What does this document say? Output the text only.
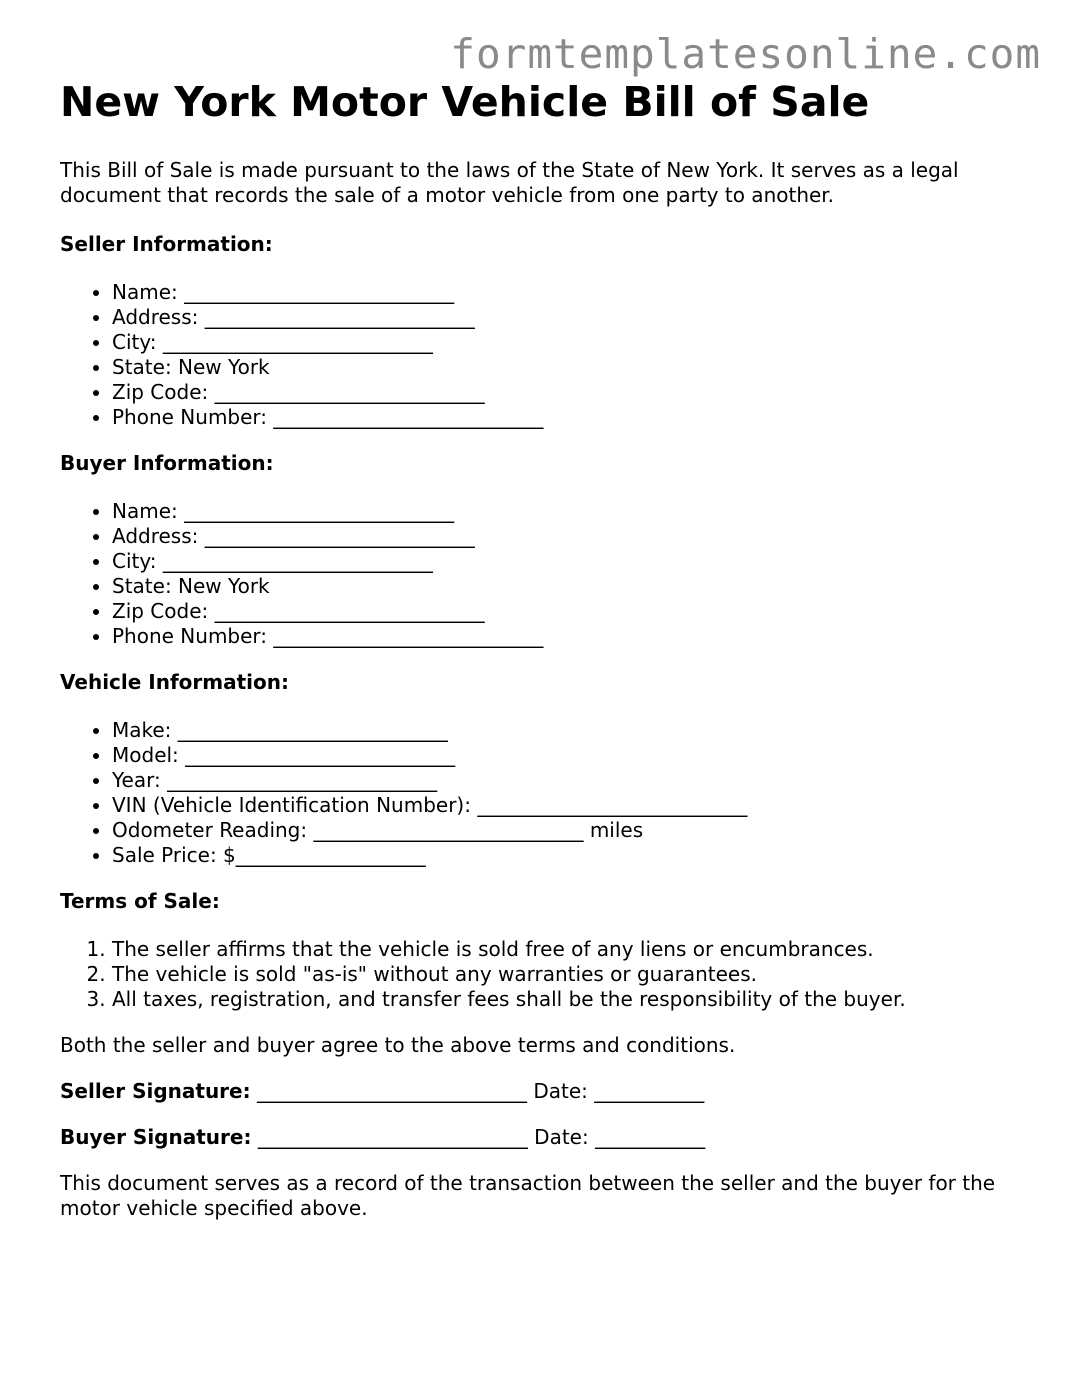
formtemplatesonline.com
New York Motor Vehicle Bill of Sale

This Bill of Sale is made pursuant to the laws of the State of New York. It serves as a legal document that records the sale of a motor vehicle from one party to another.

Seller Information:

• Name: ___________________________
• Address: ___________________________
• City: ___________________________
• State: New York
• Zip Code: ___________________________
• Phone Number: ___________________________

Buyer Information:

• Name: ___________________________
• Address: ___________________________
• City: ___________________________
• State: New York
• Zip Code: ___________________________
• Phone Number: ___________________________

Vehicle Information:

• Make: ___________________________
• Model: ___________________________
• Year: ___________________________
• VIN (Vehicle Identification Number): ___________________________
• Odometer Reading: ___________________________ miles
• Sale Price: $___________________

Terms of Sale:

1. The seller affirms that the vehicle is sold free of any liens or encumbrances.
2. The vehicle is sold "as-is" without any warranties or guarantees.
3. All taxes, registration, and transfer fees shall be the responsibility of the buyer.

Both the seller and buyer agree to the above terms and conditions.

Seller Signature: ___________________________ Date: ___________

Buyer Signature: ___________________________ Date: ___________

This document serves as a record of the transaction between the seller and the buyer for the motor vehicle specified above.
